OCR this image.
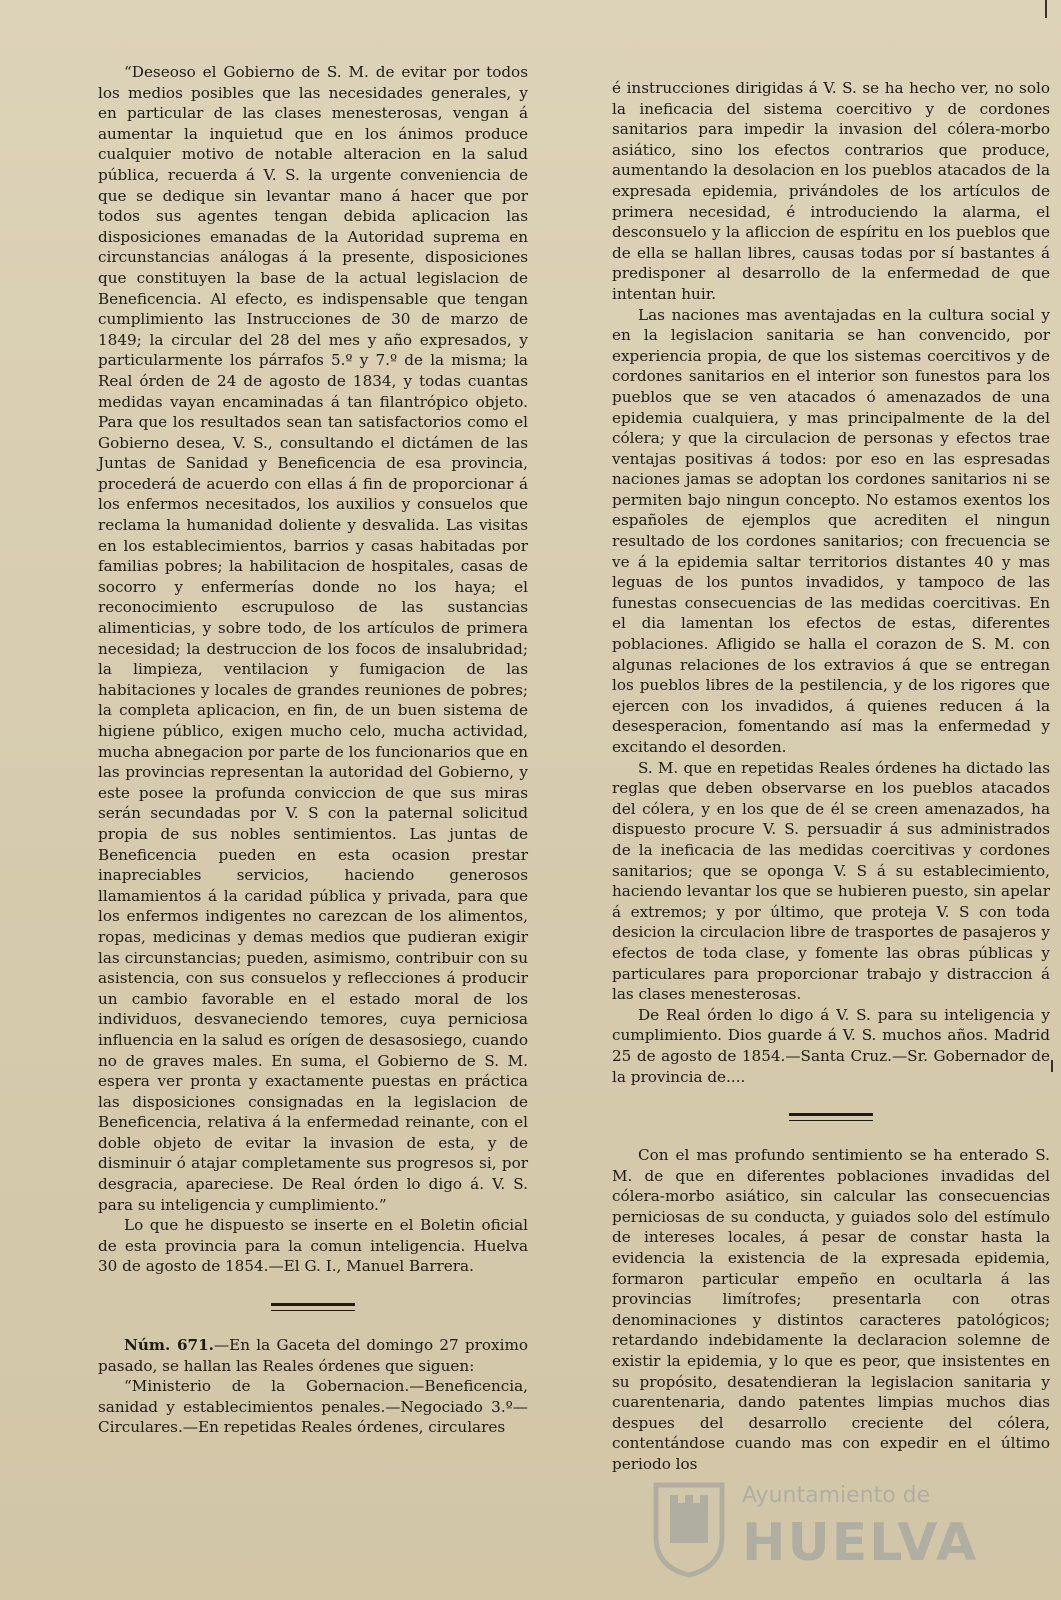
“Deseoso el Gobierno de S. M. de evitar por todos los medios posibles que las necesidades generales, y en particular de las clases menesterosas, vengan á aumentar la inquietud que en los ánimos produce cualquier motivo de notable alteracion en la salud pública, recuerda á V. S. la urgente conveniencia de que se dedique sin levantar mano á hacer que por todos sus agentes tengan debida aplicacion las disposiciones emanadas de la Autoridad suprema en circunstancias análogas á la presente, disposiciones que constituyen la base de la actual legislacion de Beneficencia. Al efecto, es indispensable que tengan cumplimiento las Instrucciones de 30 de marzo de 1849; la circular del 28 del mes y año expresados, y particularmente los párrafos 5.º y 7.º de la misma; la Real órden de 24 de agosto de 1834, y todas cuantas medidas vayan encaminadas á tan filantrópico objeto. Para que los resultados sean tan satisfactorios como el Gobierno desea, V. S., consultando el dictámen de las Juntas de Sanidad y Beneficencia de esa provincia, procederá de acuerdo con ellas á fin de proporcionar á los enfermos necesitados, los auxilios y consuelos que reclama la humanidad doliente y desvalida. Las visitas en los establecimientos, barrios y casas habitadas por familias pobres; la habilitacion de hospitales, casas de socorro y enfermerías donde no los haya; el reconocimiento escrupuloso de las sustancias alimenticias, y sobre todo, de los artículos de primera necesidad; la destruccion de los focos de insalubridad; la limpieza, ventilacion y fumigacion de las habitaciones y locales de grandes reuniones de pobres; la completa aplicacion, en fin, de un buen sistema de higiene público, exigen mucho celo, mucha actividad, mucha abnegacion por parte de los funcionarios que en las provincias representan la autoridad del Gobierno, y este posee la profunda conviccion de que sus miras serán secundadas por V. S con la paternal solicitud propia de sus nobles sentimientos. Las juntas de Beneficencia pueden en esta ocasion prestar inapreciables servicios, haciendo generosos llamamientos á la caridad pública y privada, para que los enfermos indigentes no carezcan de los alimentos, ropas, medicinas y demas medios que pudieran exigir las circunstancias; pueden, asimismo, contribuir con su asistencia, con sus consuelos y reflecciones á producir un cambio favorable en el estado moral de los individuos, desvaneciendo temores, cuya perniciosa influencia en la salud es orígen de desasosiego, cuando no de graves males. En suma, el Gobierno de S. M. espera ver pronta y exactamente puestas en práctica las disposiciones consignadas en la legislacion de Beneficencia, relativa á la enfermedad reinante, con el doble objeto de evitar la invasion de esta, y de disminuir ó atajar completamente sus progresos si, por desgracia, apareciese. De Real órden lo digo á. V. S. para su inteligencia y cumplimiento.”

Lo que he dispuesto se inserte en el Boletin oficial de esta provincia para la comun inteligencia. Huelva 30 de agosto de 1854.—El G. I., Manuel Barrera.

Núm. 671.—En la Gaceta del domingo 27 proximo pasado, se hallan las Reales órdenes que siguen:

“Ministerio de la Gobernacion.—Beneficencia, sanidad y establecimientos penales.—Negociado 3.º—Circulares.—En repetidas Reales órdenes, circulares

é instrucciones dirigidas á V. S. se ha hecho ver, no solo la ineficacia del sistema coercitivo y de cordones sanitarios para impedir la invasion del cólera-morbo asiático, sino los efectos contrarios que produce, aumentando la desolacion en los pueblos atacados de la expresada epidemia, privándoles de los artículos de primera necesidad, é introduciendo la alarma, el desconsuelo y la afliccion de espíritu en los pueblos que de ella se hallan libres, causas todas por sí bastantes á predisponer al desarrollo de la enfermedad de que intentan huir.

Las naciones mas aventajadas en la cultura social y en la legislacion sanitaria se han convencido, por experiencia propia, de que los sistemas coercitivos y de cordones sanitarios en el interior son funestos para los pueblos que se ven atacados ó amenazados de una epidemia cualquiera, y mas principalmente de la del cólera; y que la circulacion de personas y efectos trae ventajas positivas á todos: por eso en las espresadas naciones jamas se adoptan los cordones sanitarios ni se permiten bajo ningun concepto. No estamos exentos los españoles de ejemplos que acrediten el ningun resultado de los cordones sanitarios; con frecuencia se ve á la epidemia saltar territorios distantes 40 y mas leguas de los puntos invadidos, y tampoco de las funestas consecuencias de las medidas coercitivas. En el dia lamentan los efectos de estas, diferentes poblaciones. Afligido se halla el corazon de S. M. con algunas relaciones de los extravios á que se entregan los pueblos libres de la pestilencia, y de los rigores que ejercen con los invadidos, á quienes reducen á la desesperacion, fomentando así mas la enfermedad y excitando el desorden.

S. M. que en repetidas Reales órdenes ha dictado las reglas que deben observarse en los pueblos atacados del cólera, y en los que de él se creen amenazados, ha dispuesto procure V. S. persuadir á sus administrados de la ineficacia de las medidas coercitivas y cordones sanitarios; que se oponga V. S á su establecimiento, haciendo levantar los que se hubieren puesto, sin apelar á extremos; y por último, que proteja V. S con toda desicion la circulacion libre de trasportes de pasajeros y efectos de toda clase, y fomente las obras públicas y particulares para proporcionar trabajo y distraccion á las clases menesterosas.

De Real órden lo digo á V. S. para su inteligencia y cumplimiento. Dios guarde á V. S. muchos años. Madrid 25 de agosto de 1854.—Santa Cruz.—Sr. Gobernador de la provincia de....

Con el mas profundo sentimiento se ha enterado S. M. de que en diferentes poblaciones invadidas del cólera-morbo asiático, sin calcular las consecuencias perniciosas de su conducta, y guiados solo del estímulo de intereses locales, á pesar de constar hasta la evidencia la existencia de la expresada epidemia, formaron particular empeño en ocultarla á las provincias limítrofes; presentarla con otras denominaciones y distintos caracteres patológicos; retardando indebidamente la declaracion solemne de existir la epidemia, y lo que es peor, que insistentes en su propósito, desatendieran la legislacion sanitaria y cuarentenaria, dando patentes limpias muchos dias despues del desarrollo creciente del cólera, contentándose cuando mas con expedir en el último periodo los

Ayuntamiento de
HUELVA
